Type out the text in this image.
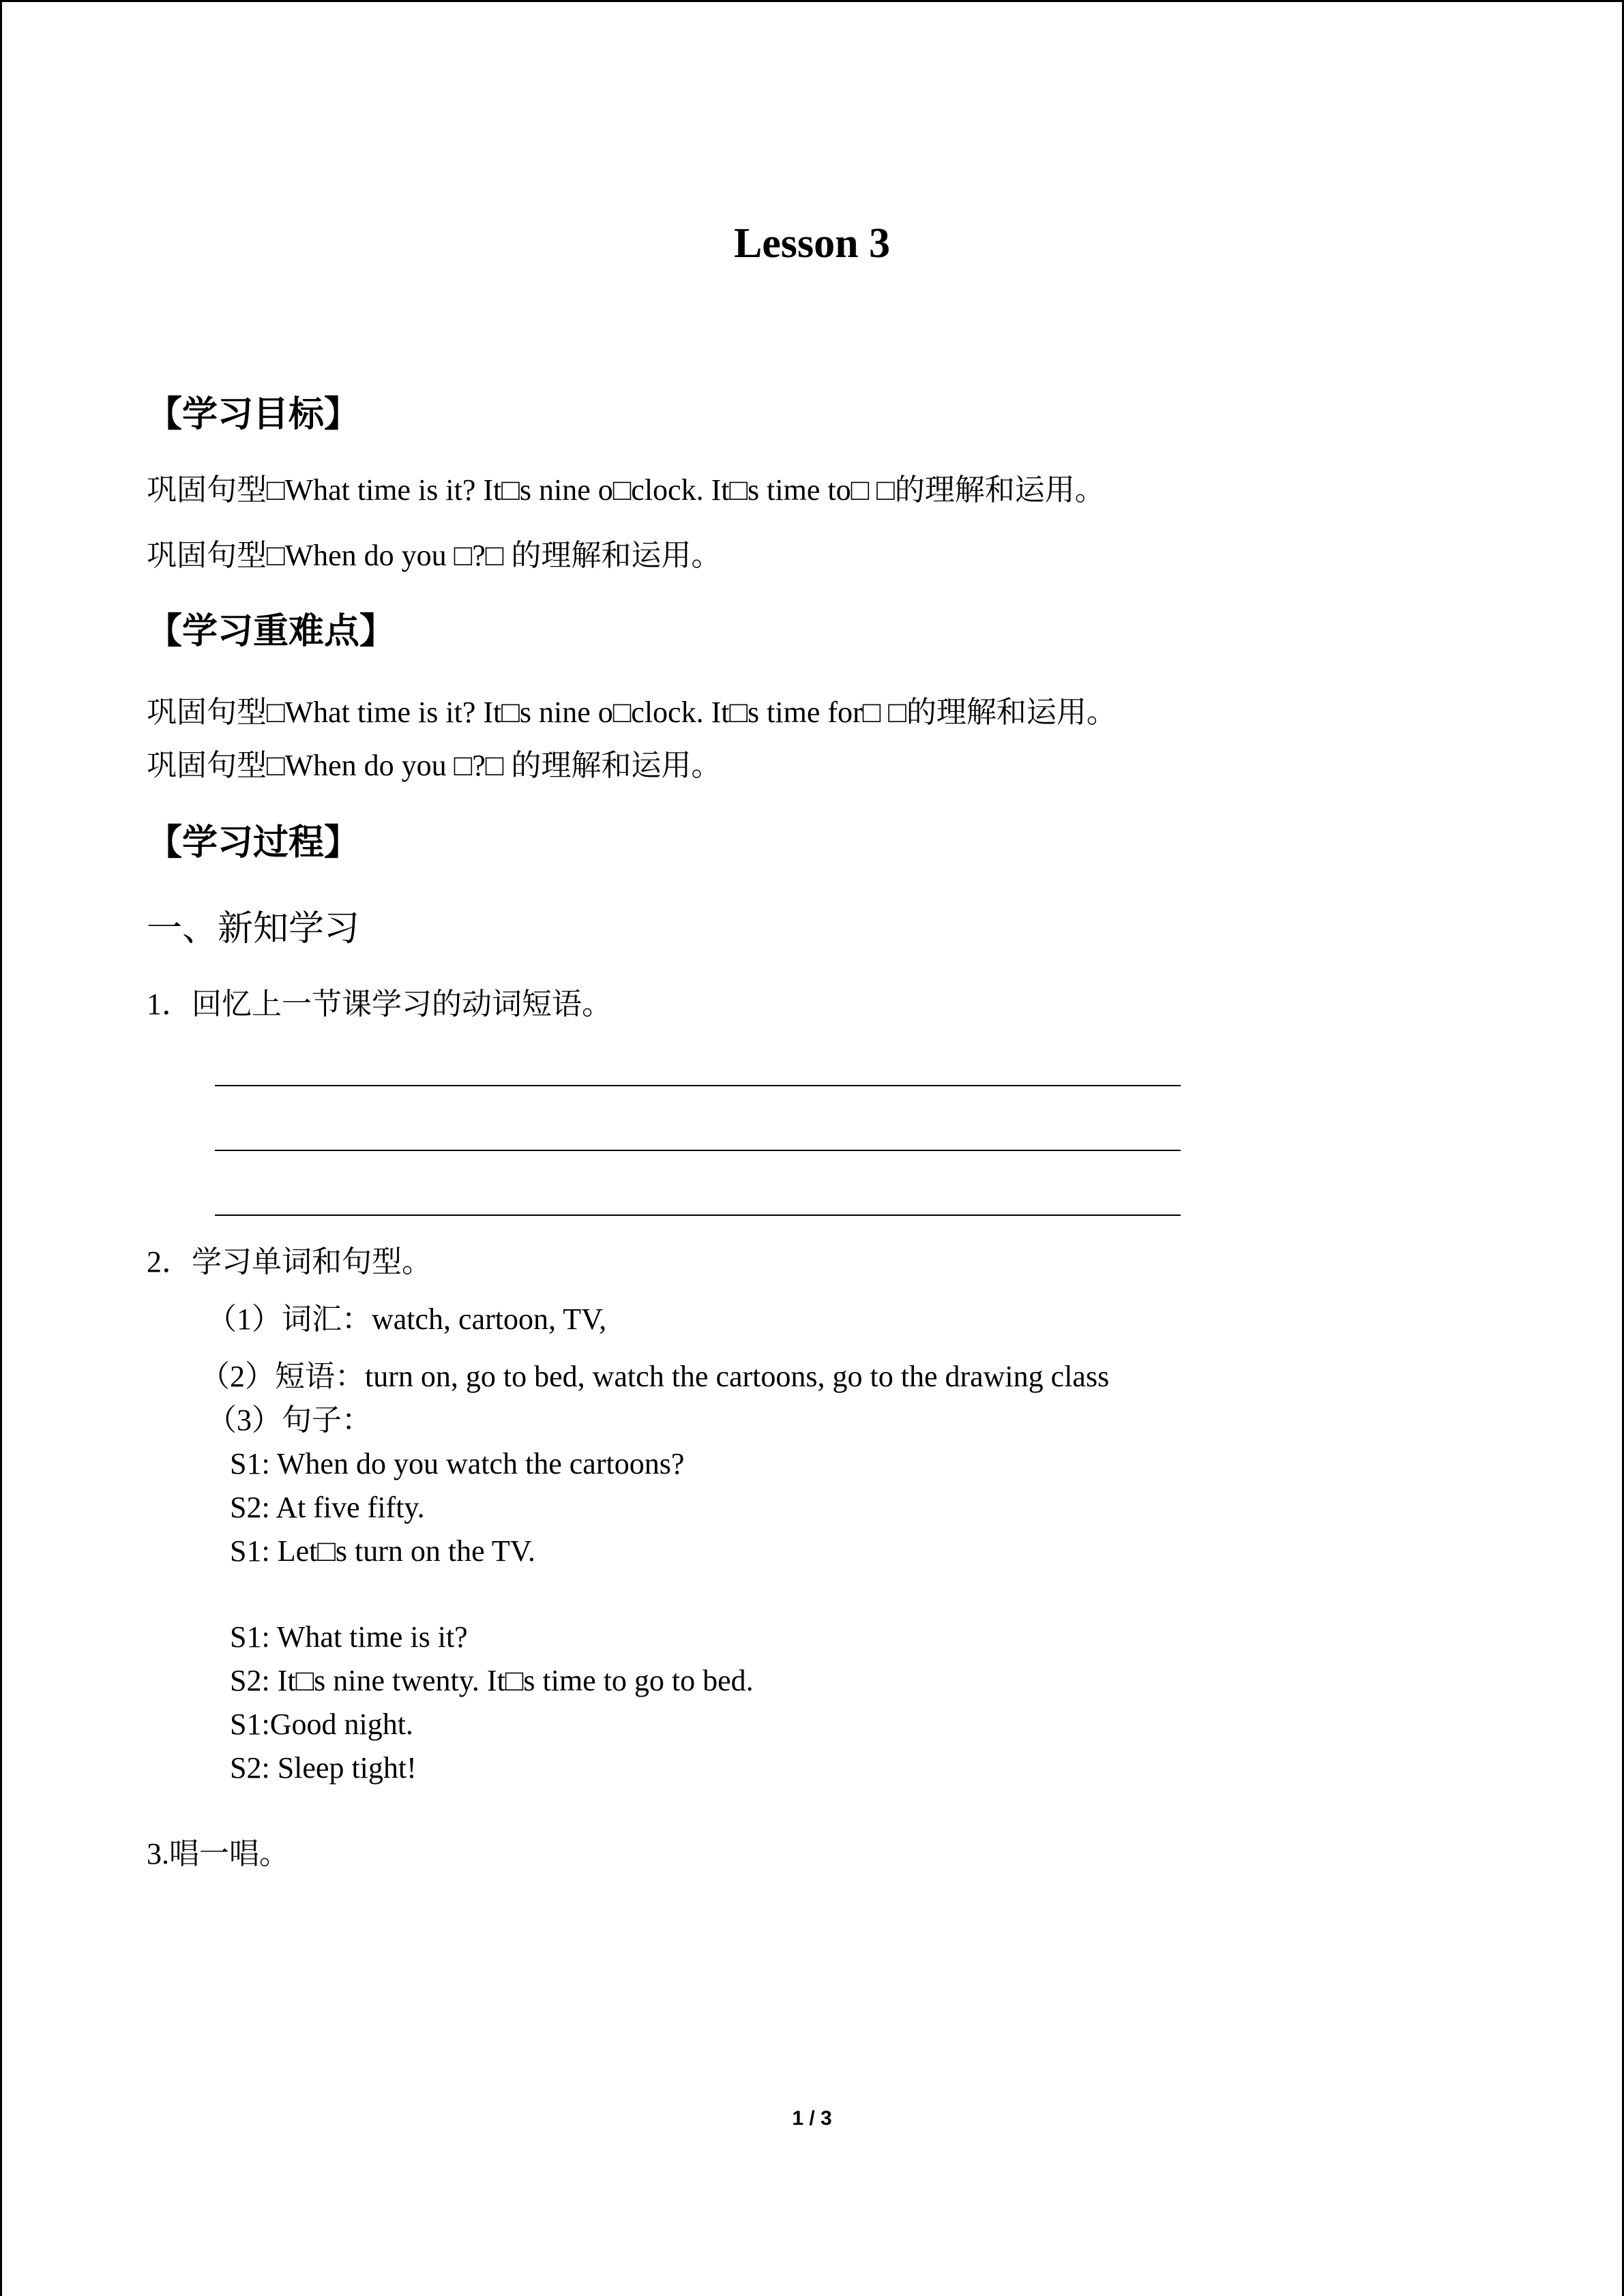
Lesson 3
【学习目标】
巩固句型□What time is it? It□s nine o□clock. It□s time to□ □的理解和运用。
巩固句型□When do you □?□ 的理解和运用。
【学习重难点】
巩固句型□What time is it? It□s nine o□clock. It□s time for□ □的理解和运用。
巩固句型□When do you □?□ 的理解和运用。
【学习过程】
一、新知学习
1．回忆上一节课学习的动词短语。
2．学习单词和句型。
（1）词汇：watch, cartoon, TV,
（2）短语：turn on, go to bed, watch the cartoons, go to the drawing class
（3）句子：
S1: When do you watch the cartoons?
S2: At five fifty.
S1: Let□s turn on the TV.
S1: What time is it?
S2: It□s nine twenty. It□s time to go to bed.
S1:Good night.
S2: Sleep tight!
3.唱一唱。
1 / 3
